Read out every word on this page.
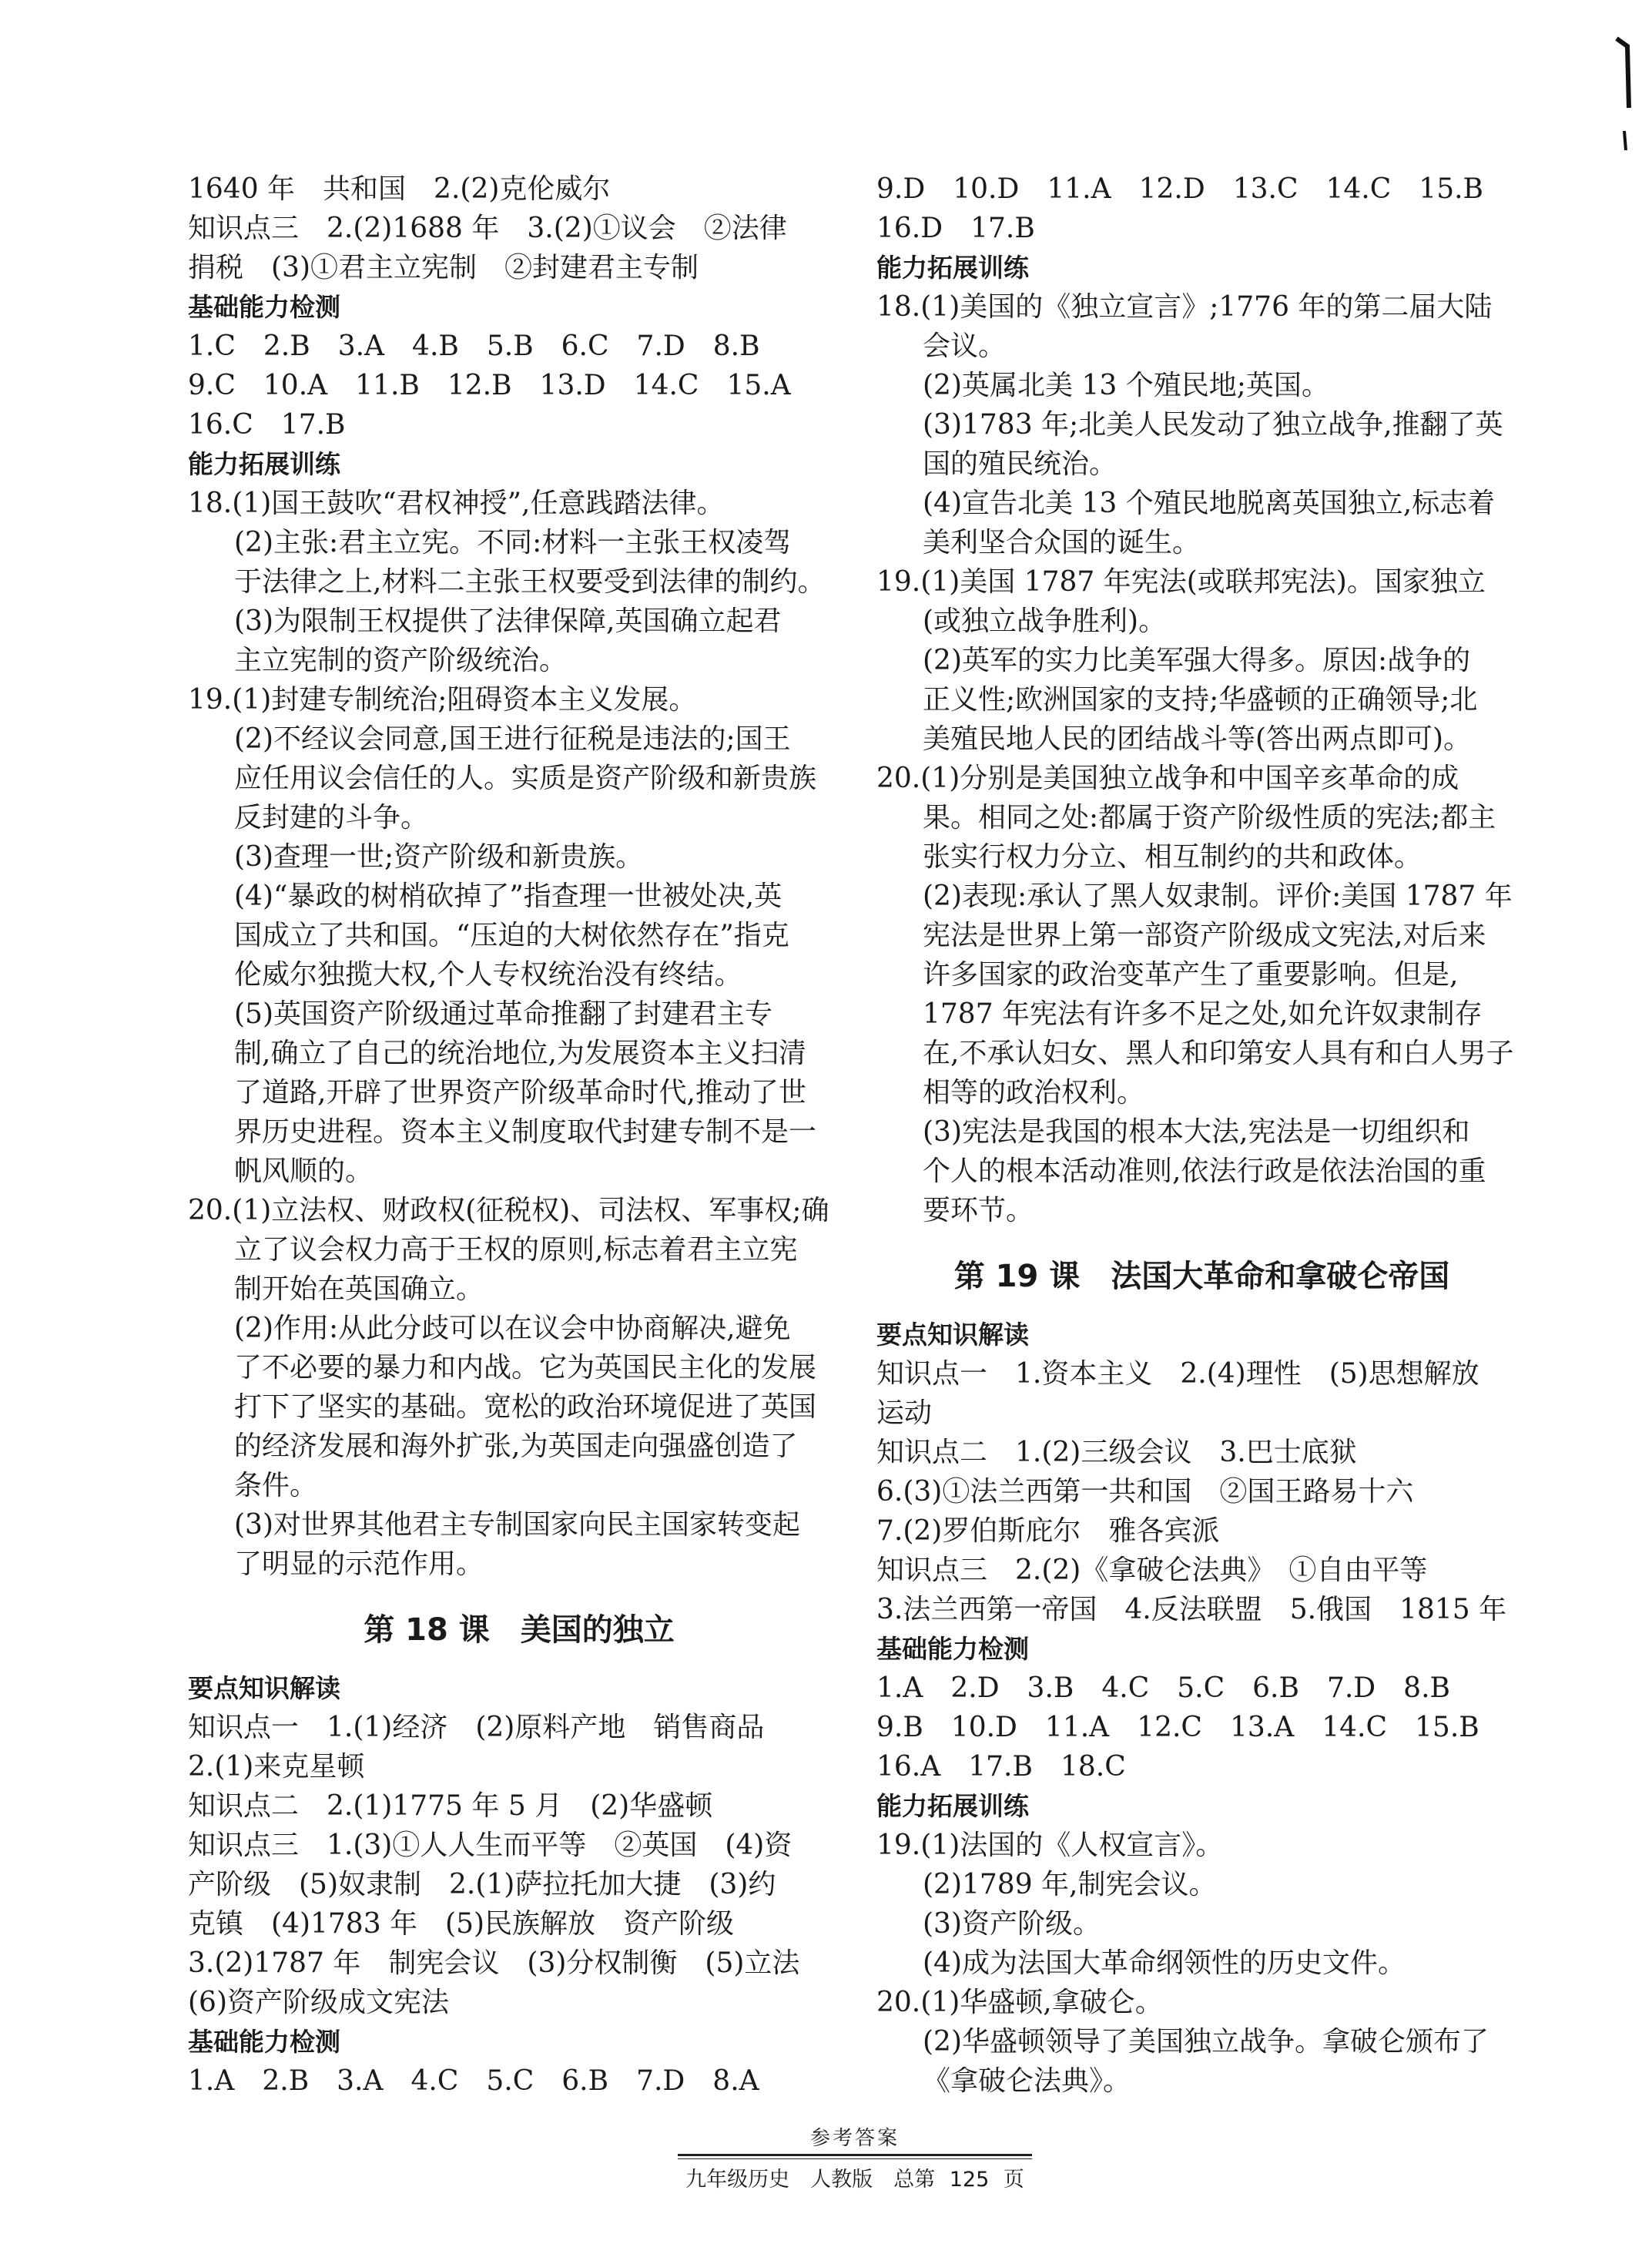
1640 年　共和国　2.(2)克伦威尔
知识点三　2.(2)1688 年　3.(2)①议会　②法律
捐税　(3)①君主立宪制　②封建君主专制
基础能力检测
1.C　2.B　3.A　4.B　5.B　6.C　7.D　8.B
9.C　10.A　11.B　12.B　13.D　14.C　15.A
16.C　17.B
能力拓展训练
18.(1)国王鼓吹“君权神授”,任意践踏法律。
(2)主张:君主立宪。不同:材料一主张王权凌驾
于法律之上,材料二主张王权要受到法律的制约。
(3)为限制王权提供了法律保障,英国确立起君
主立宪制的资产阶级统治。
19.(1)封建专制统治;阻碍资本主义发展。
(2)不经议会同意,国王进行征税是违法的;国王
应任用议会信任的人。实质是资产阶级和新贵族
反封建的斗争。
(3)查理一世;资产阶级和新贵族。
(4)“暴政的树梢砍掉了”指查理一世被处决,英
国成立了共和国。“压迫的大树依然存在”指克
伦威尔独揽大权,个人专权统治没有终结。
(5)英国资产阶级通过革命推翻了封建君主专
制,确立了自己的统治地位,为发展资本主义扫清
了道路,开辟了世界资产阶级革命时代,推动了世
界历史进程。资本主义制度取代封建专制不是一
帆风顺的。
20.(1)立法权、财政权(征税权)、司法权、军事权;确
立了议会权力高于王权的原则,标志着君主立宪
制开始在英国确立。
(2)作用:从此分歧可以在议会中协商解决,避免
了不必要的暴力和内战。它为英国民主化的发展
打下了坚实的基础。宽松的政治环境促进了英国
的经济发展和海外扩张,为英国走向强盛创造了
条件。
(3)对世界其他君主专制国家向民主国家转变起
了明显的示范作用。
第 18 课　美国的独立
要点知识解读
知识点一　1.(1)经济　(2)原料产地　销售商品
2.(1)来克星顿
知识点二　2.(1)1775 年 5 月　(2)华盛顿
知识点三　1.(3)①人人生而平等　②英国　(4)资
产阶级　(5)奴隶制　2.(1)萨拉托加大捷　(3)约
克镇　(4)1783 年　(5)民族解放　资产阶级
3.(2)1787 年　制宪会议　(3)分权制衡　(5)立法
(6)资产阶级成文宪法
基础能力检测
1.A　2.B　3.A　4.C　5.C　6.B　7.D　8.A
9.D　10.D　11.A　12.D　13.C　14.C　15.B
16.D　17.B
能力拓展训练
18.(1)美国的《独立宣言》;1776 年的第二届大陆
会议。
(2)英属北美 13 个殖民地;英国。
(3)1783 年;北美人民发动了独立战争,推翻了英
国的殖民统治。
(4)宣告北美 13 个殖民地脱离英国独立,标志着
美利坚合众国的诞生。
19.(1)美国 1787 年宪法(或联邦宪法)。国家独立
(或独立战争胜利)。
(2)英军的实力比美军强大得多。原因:战争的
正义性;欧洲国家的支持;华盛顿的正确领导;北
美殖民地人民的团结战斗等(答出两点即可)。
20.(1)分别是美国独立战争和中国辛亥革命的成
果。相同之处:都属于资产阶级性质的宪法;都主
张实行权力分立、相互制约的共和政体。
(2)表现:承认了黑人奴隶制。评价:美国 1787 年
宪法是世界上第一部资产阶级成文宪法,对后来
许多国家的政治变革产生了重要影响。但是,
1787 年宪法有许多不足之处,如允许奴隶制存
在,不承认妇女、黑人和印第安人具有和白人男子
相等的政治权利。
(3)宪法是我国的根本大法,宪法是一切组织和
个人的根本活动准则,依法行政是依法治国的重
要环节。
第 19 课　法国大革命和拿破仑帝国
要点知识解读
知识点一　1.资本主义　2.(4)理性　(5)思想解放
运动
知识点二　1.(2)三级会议　3.巴士底狱
6.(3)①法兰西第一共和国　②国王路易十六
7.(2)罗伯斯庇尔　雅各宾派
知识点三　2.(2)《拿破仑法典》　①自由平等
3.法兰西第一帝国　4.反法联盟　5.俄国　1815 年
基础能力检测
1.A　2.D　3.B　4.C　5.C　6.B　7.D　8.B
9.B　10.D　11.A　12.C　13.A　14.C　15.B
16.A　17.B　18.C
能力拓展训练
19.(1)法国的《人权宣言》。
(2)1789 年,制宪会议。
(3)资产阶级。
(4)成为法国大革命纲领性的历史文件。
20.(1)华盛顿,拿破仑。
(2)华盛顿领导了美国独立战争。拿破仑颁布了
《拿破仑法典》。
参考答案
九年级历史　人教版　总第 125 页
